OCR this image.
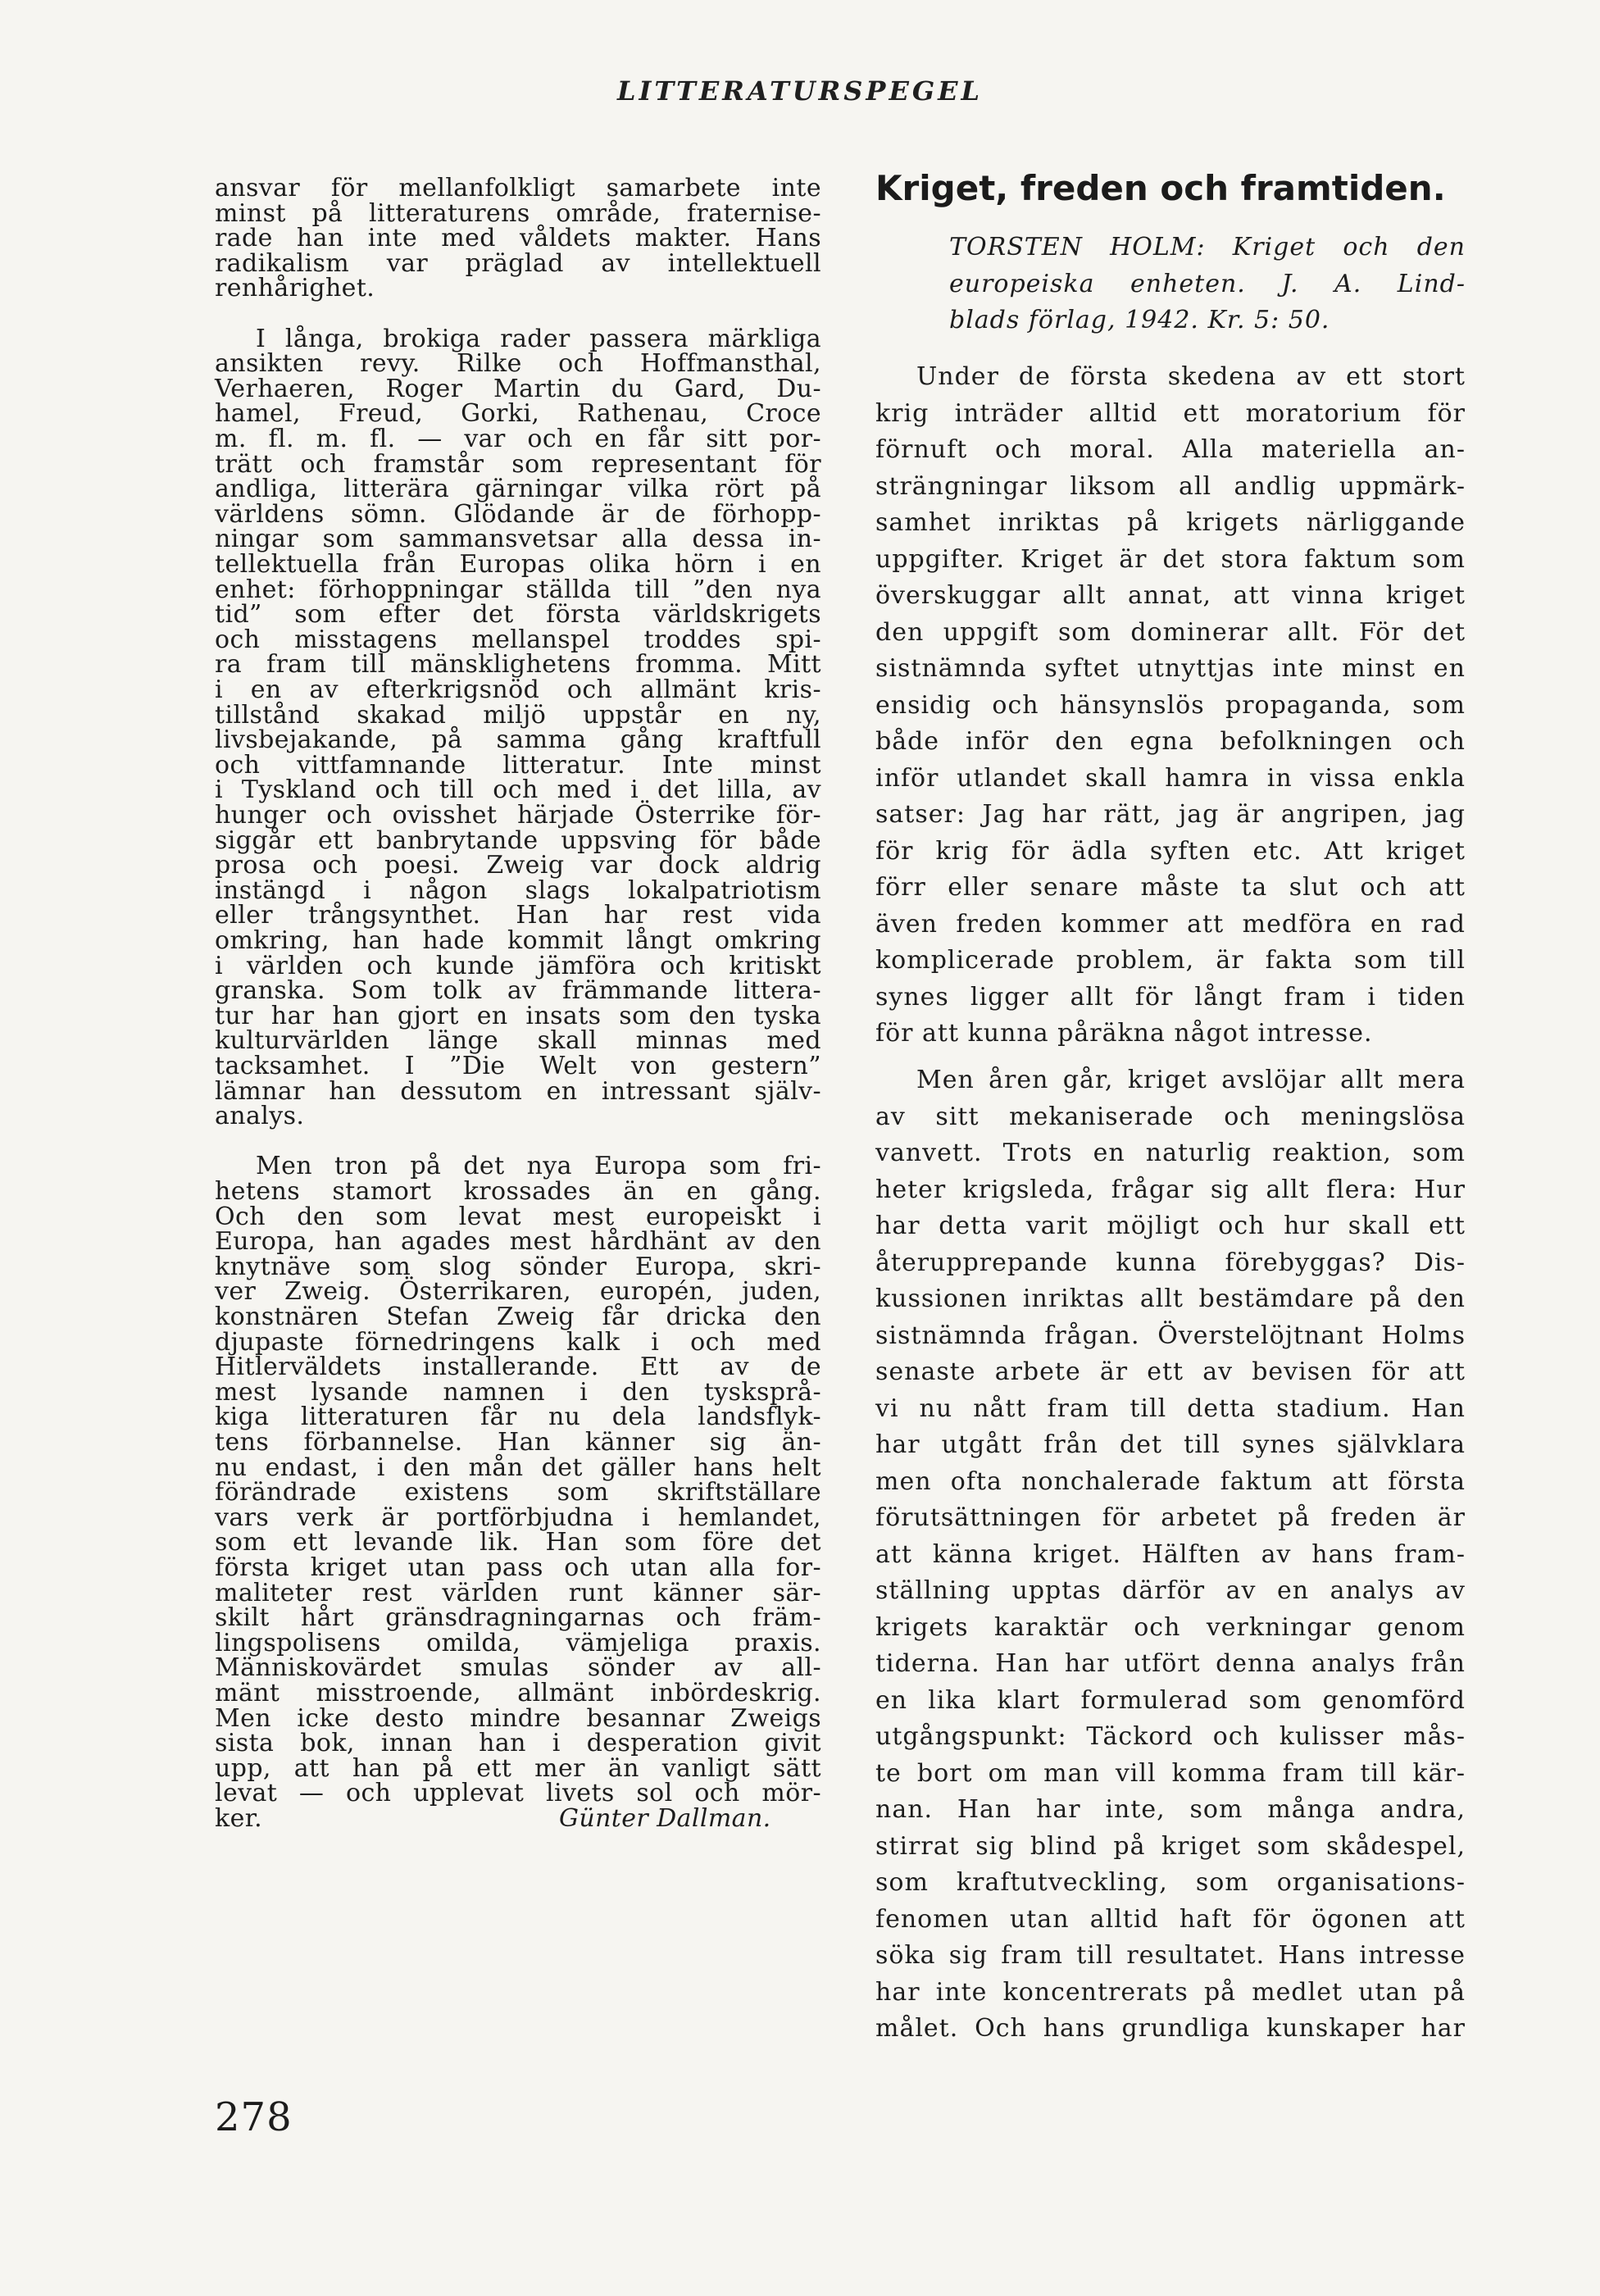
LITTERATURSPEGEL

ansvar för mellanfolkligt samarbete inte

minst på litteraturens område, fraternise-

rade han inte med våldets makter. Hans

radikalism var präglad av intellektuell

renhårighet.

I långa, brokiga rader passera märkliga

ansikten revy. Rilke och Hoffmansthal,

Verhaeren, Roger Martin du Gard, Du-

hamel, Freud, Gorki, Rathenau, Croce

m. fl. m. fl. — var och en får sitt por-

trätt och framstår som representant för

andliga, litterära gärningar vilka rört på

världens sömn. Glödande är de förhopp-

ningar som sammansvetsar alla dessa in-

tellektuella från Europas olika hörn i en

enhet: förhoppningar ställda till ”den nya

tid” som efter det första världskrigets

och misstagens mellanspel troddes spi-

ra fram till mänsklighetens fromma. Mitt

i en av efterkrigsnöd och allmänt kris-

tillstånd skakad miljö uppstår en ny,

livsbejakande, på samma gång kraftfull

och vittfamnande litteratur. Inte minst

i Tyskland och till och med i det lilla, av

hunger och ovisshet härjade Österrike för-

siggår ett banbrytande uppsving för både

prosa och poesi. Zweig var dock aldrig

instängd i någon slags lokalpatriotism

eller trångsynthet. Han har rest vida

omkring, han hade kommit långt omkring

i världen och kunde jämföra och kritiskt

granska. Som tolk av främmande littera-

tur har han gjort en insats som den tyska

kulturvärlden länge skall minnas med

tacksamhet. I ”Die Welt von gestern”

lämnar han dessutom en intressant själv-

analys.

Men tron på det nya Europa som fri-

hetens stamort krossades än en gång.

Och den som levat mest europeiskt i

Europa, han agades mest hårdhänt av den

knytnäve som slog sönder Europa, skri-

ver Zweig. Österrikaren, europén, juden,

konstnären Stefan Zweig får dricka den

djupaste förnedringens kalk i och med

Hitlerväldets installerande. Ett av de

mest lysande namnen i den tysksprå-

kiga litteraturen får nu dela landsflyk-

tens förbannelse. Han känner sig än-

nu endast, i den mån det gäller hans helt

förändrade existens som skriftställare

vars verk är portförbjudna i hemlandet,

som ett levande lik. Han som före det

första kriget utan pass och utan alla for-

maliteter rest världen runt känner sär-

skilt hårt gränsdragningarnas och främ-

lingspolisens omilda, vämjeliga praxis.

Människovärdet smulas sönder av all-

mänt misstroende, allmänt inbördeskrig.

Men icke desto mindre besannar Zweigs

sista bok, innan han i desperation givit

upp, att han på ett mer än vanligt sätt

levat — och upplevat livets sol och mör-

ker.	Günter Dallman.
Kriget, freden och framtiden.

TORSTEN HOLM: Kriget och den

europeiska enheten. J. A. Lind-

blads förlag, 1942. Kr. 5: 50.

Under de första skedena av ett stort

krig inträder alltid ett moratorium för

förnuft och moral. Alla materiella an-

strängningar liksom all andlig uppmärk-

samhet inriktas på krigets närliggande

uppgifter. Kriget är det stora faktum som

överskuggar allt annat, att vinna kriget

den uppgift som dominerar allt. För det

sistnämnda syftet utnyttjas inte minst en

ensidig och hänsynslös propaganda, som

både inför den egna befolkningen och

inför utlandet skall hamra in vissa enkla

satser: Jag har rätt, jag är angripen, jag

för krig för ädla syften etc. Att kriget

förr eller senare måste ta slut och att

även freden kommer att medföra en rad

komplicerade problem, är fakta som till

synes ligger allt för långt fram i tiden

för att kunna påräkna något intresse.

Men åren går, kriget avslöjar allt mera

av sitt mekaniserade och meningslösa

vanvett. Trots en naturlig reaktion, som

heter krigsleda, frågar sig allt flera: Hur

har detta varit möjligt och hur skall ett

återupprepande kunna förebyggas? Dis-

kussionen inriktas allt bestämdare på den

sistnämnda frågan. Överstelöjtnant Holms

senaste arbete är ett av bevisen för att

vi nu nått fram till detta stadium. Han

har utgått från det till synes självklara

men ofta nonchalerade faktum att första

förutsättningen för arbetet på freden är

att känna kriget. Hälften av hans fram-

ställning upptas därför av en analys av

krigets karaktär och verkningar genom

tiderna. Han har utfört denna analys från

en lika klart formulerad som genomförd

utgångspunkt: Täckord och kulisser mås-

te bort om man vill komma fram till kär-

nan. Han har inte, som många andra,

stirrat sig blind på kriget som skådespel,

som kraftutveckling, som organisations-

fenomen utan alltid haft för ögonen att

söka sig fram till resultatet. Hans intresse

har inte koncentrerats på medlet utan på

målet. Och hans grundliga kunskaper har

278
